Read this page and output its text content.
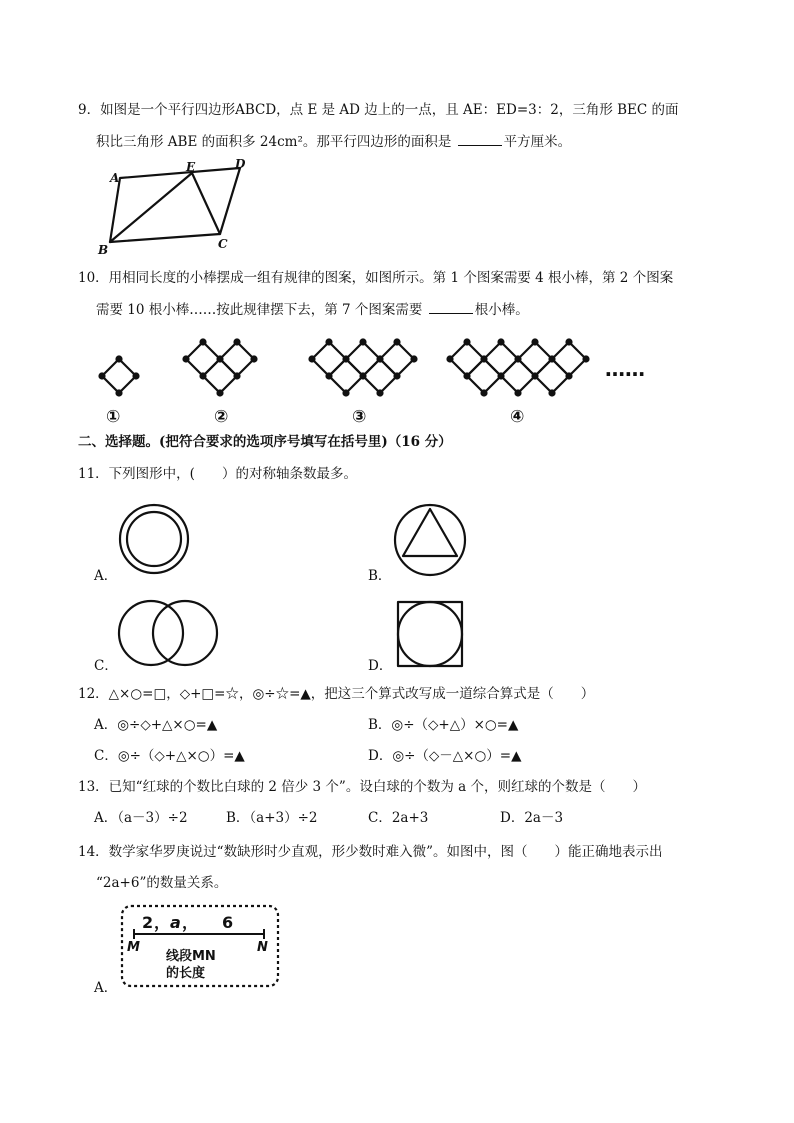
9．如图是一个平行四边形ABCD，点 E 是 AD 边上的一点，且 AE：ED=3：2，三角形 BEC 的面
积比三角形 ABE 的面积多 24cm²。那平行四边形的面积是	平方厘米。
A
E	D
B	C
10．用相同长度的小棒摆成一组有规律的图案，如图所示。第 1 个图案需要 4 根小棒，第 2 个图案
需要 10 根小棒……按此规律摆下去，第 7 个图案需要	根小棒。
①	②	③	④
……
二、选择题。(把符合要求的选项序号填写在括号里)（16 分）
11．下列图形中，(　　）的对称轴条数最多。
A．	B．
C．	D．
12．△×○=□，◇+□=☆，◎÷☆=▲，把这三个算式改写成一道综合算式是（　　）
A．◎÷◇+△×○=▲	B．◎÷（◇+△）×○=▲
C．◎÷（◇+△×○）=▲	D．◎÷（◇－△×○）=▲
13．已知“红球的个数比白球的 2 倍少 3 个”。设白球的个数为 a 个，则红球的个数是（　　）
A．（a－3）÷2	B．（a+3）÷2	C．2a+3	D．2a－3
14．数学家华罗庚说过“数缺形时少直观，形少数时难入微”。如图中，图（　　）能正确地表示出
“2a+6”的数量关系。
A．
2 ， a ， 6
M	N
线段MN
的长度
